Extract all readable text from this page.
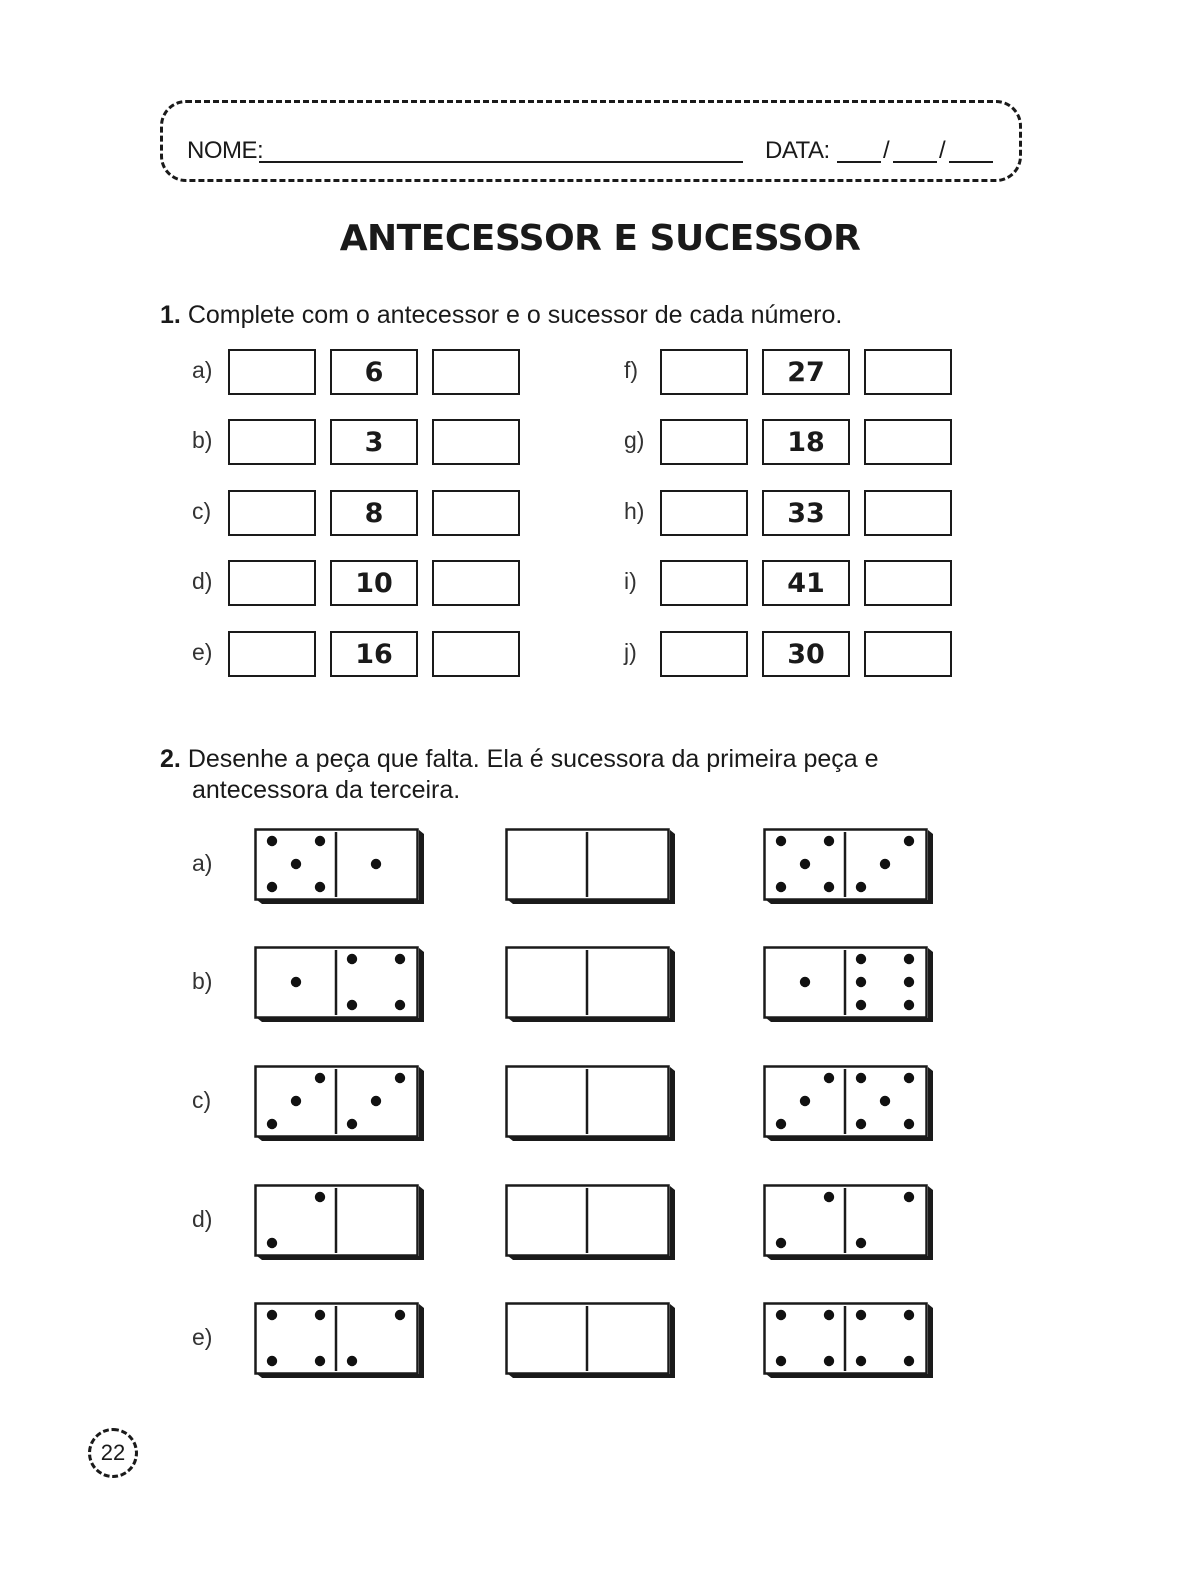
NOME:	DATA: / /
ANTECESSOR E SUCESSOR
1. Complete com o antecessor e o sucessor de cada número.
a)	6
b)	3
c)	8
d)	10
e)	16
f)	27
g)	18
h)	33
i)	41
j)	30
2. Desenhe a peça que falta. Ela é sucessora da primeira peça e
antecessora da terceira.
a)
b)
c)
d)
e)
22
